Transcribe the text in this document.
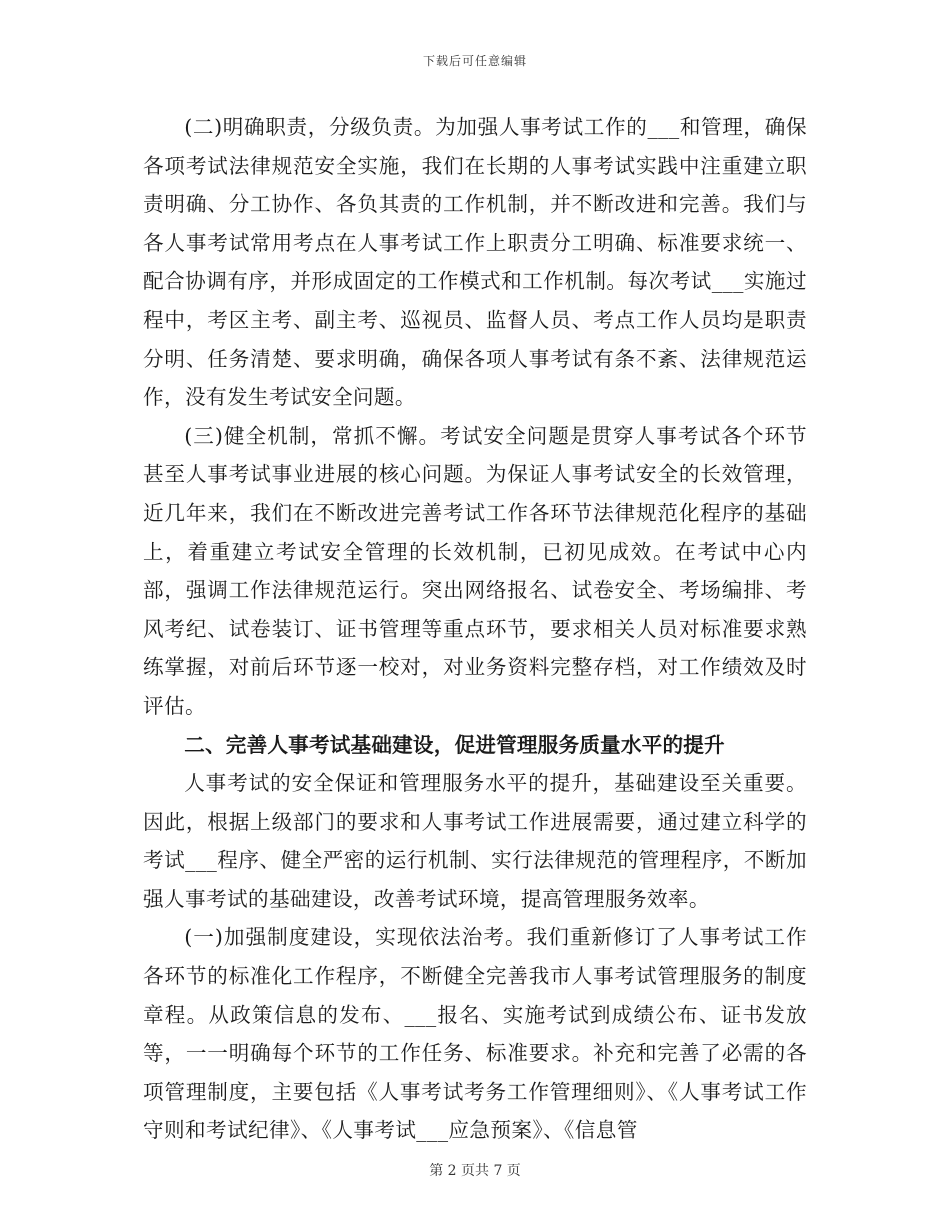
下载后可任意编辑

(二)明确职责，分级负责。为加强人事考试工作的___和管理，确保各项考试法律规范安全实施，我们在长期的人事考试实践中注重建立职责明确、分工协作、各负其责的工作机制，并不断改进和完善。我们与各人事考试常用考点在人事考试工作上职责分工明确、标准要求统一、配合协调有序，并形成固定的工作模式和工作机制。每次考试___实施过程中，考区主考、副主考、巡视员、监督人员、考点工作人员均是职责分明、任务清楚、要求明确，确保各项人事考试有条不紊、法律规范运作，没有发生考试安全问题。

(三)健全机制，常抓不懈。考试安全问题是贯穿人事考试各个环节甚至人事考试事业进展的核心问题。为保证人事考试安全的长效管理，近几年来，我们在不断改进完善考试工作各环节法律规范化程序的基础上，着重建立考试安全管理的长效机制，已初见成效。在考试中心内部，强调工作法律规范运行。突出网络报名、试卷安全、考场编排、考风考纪、试卷装订、证书管理等重点环节，要求相关人员对标准要求熟练掌握，对前后环节逐一校对，对业务资料完整存档，对工作绩效及时评估。

二、完善人事考试基础建设，促进管理服务质量水平的提升

人事考试的安全保证和管理服务水平的提升，基础建设至关重要。因此，根据上级部门的要求和人事考试工作进展需要，通过建立科学的考试___程序、健全严密的运行机制、实行法律规范的管理程序，不断加强人事考试的基础建设，改善考试环境，提高管理服务效率。

(一)加强制度建设，实现依法治考。我们重新修订了人事考试工作各环节的标准化工作程序，不断健全完善我市人事考试管理服务的制度章程。从政策信息的发布、___报名、实施考试到成绩公布、证书发放等，一一明确每个环节的工作任务、标准要求。补充和完善了必需的各项管理制度，主要包括《人事考试考务工作管理细则》、《人事考试工作守则和考试纪律》、《人事考试___应急预案》、《信息管

第 2 页共 7 页
